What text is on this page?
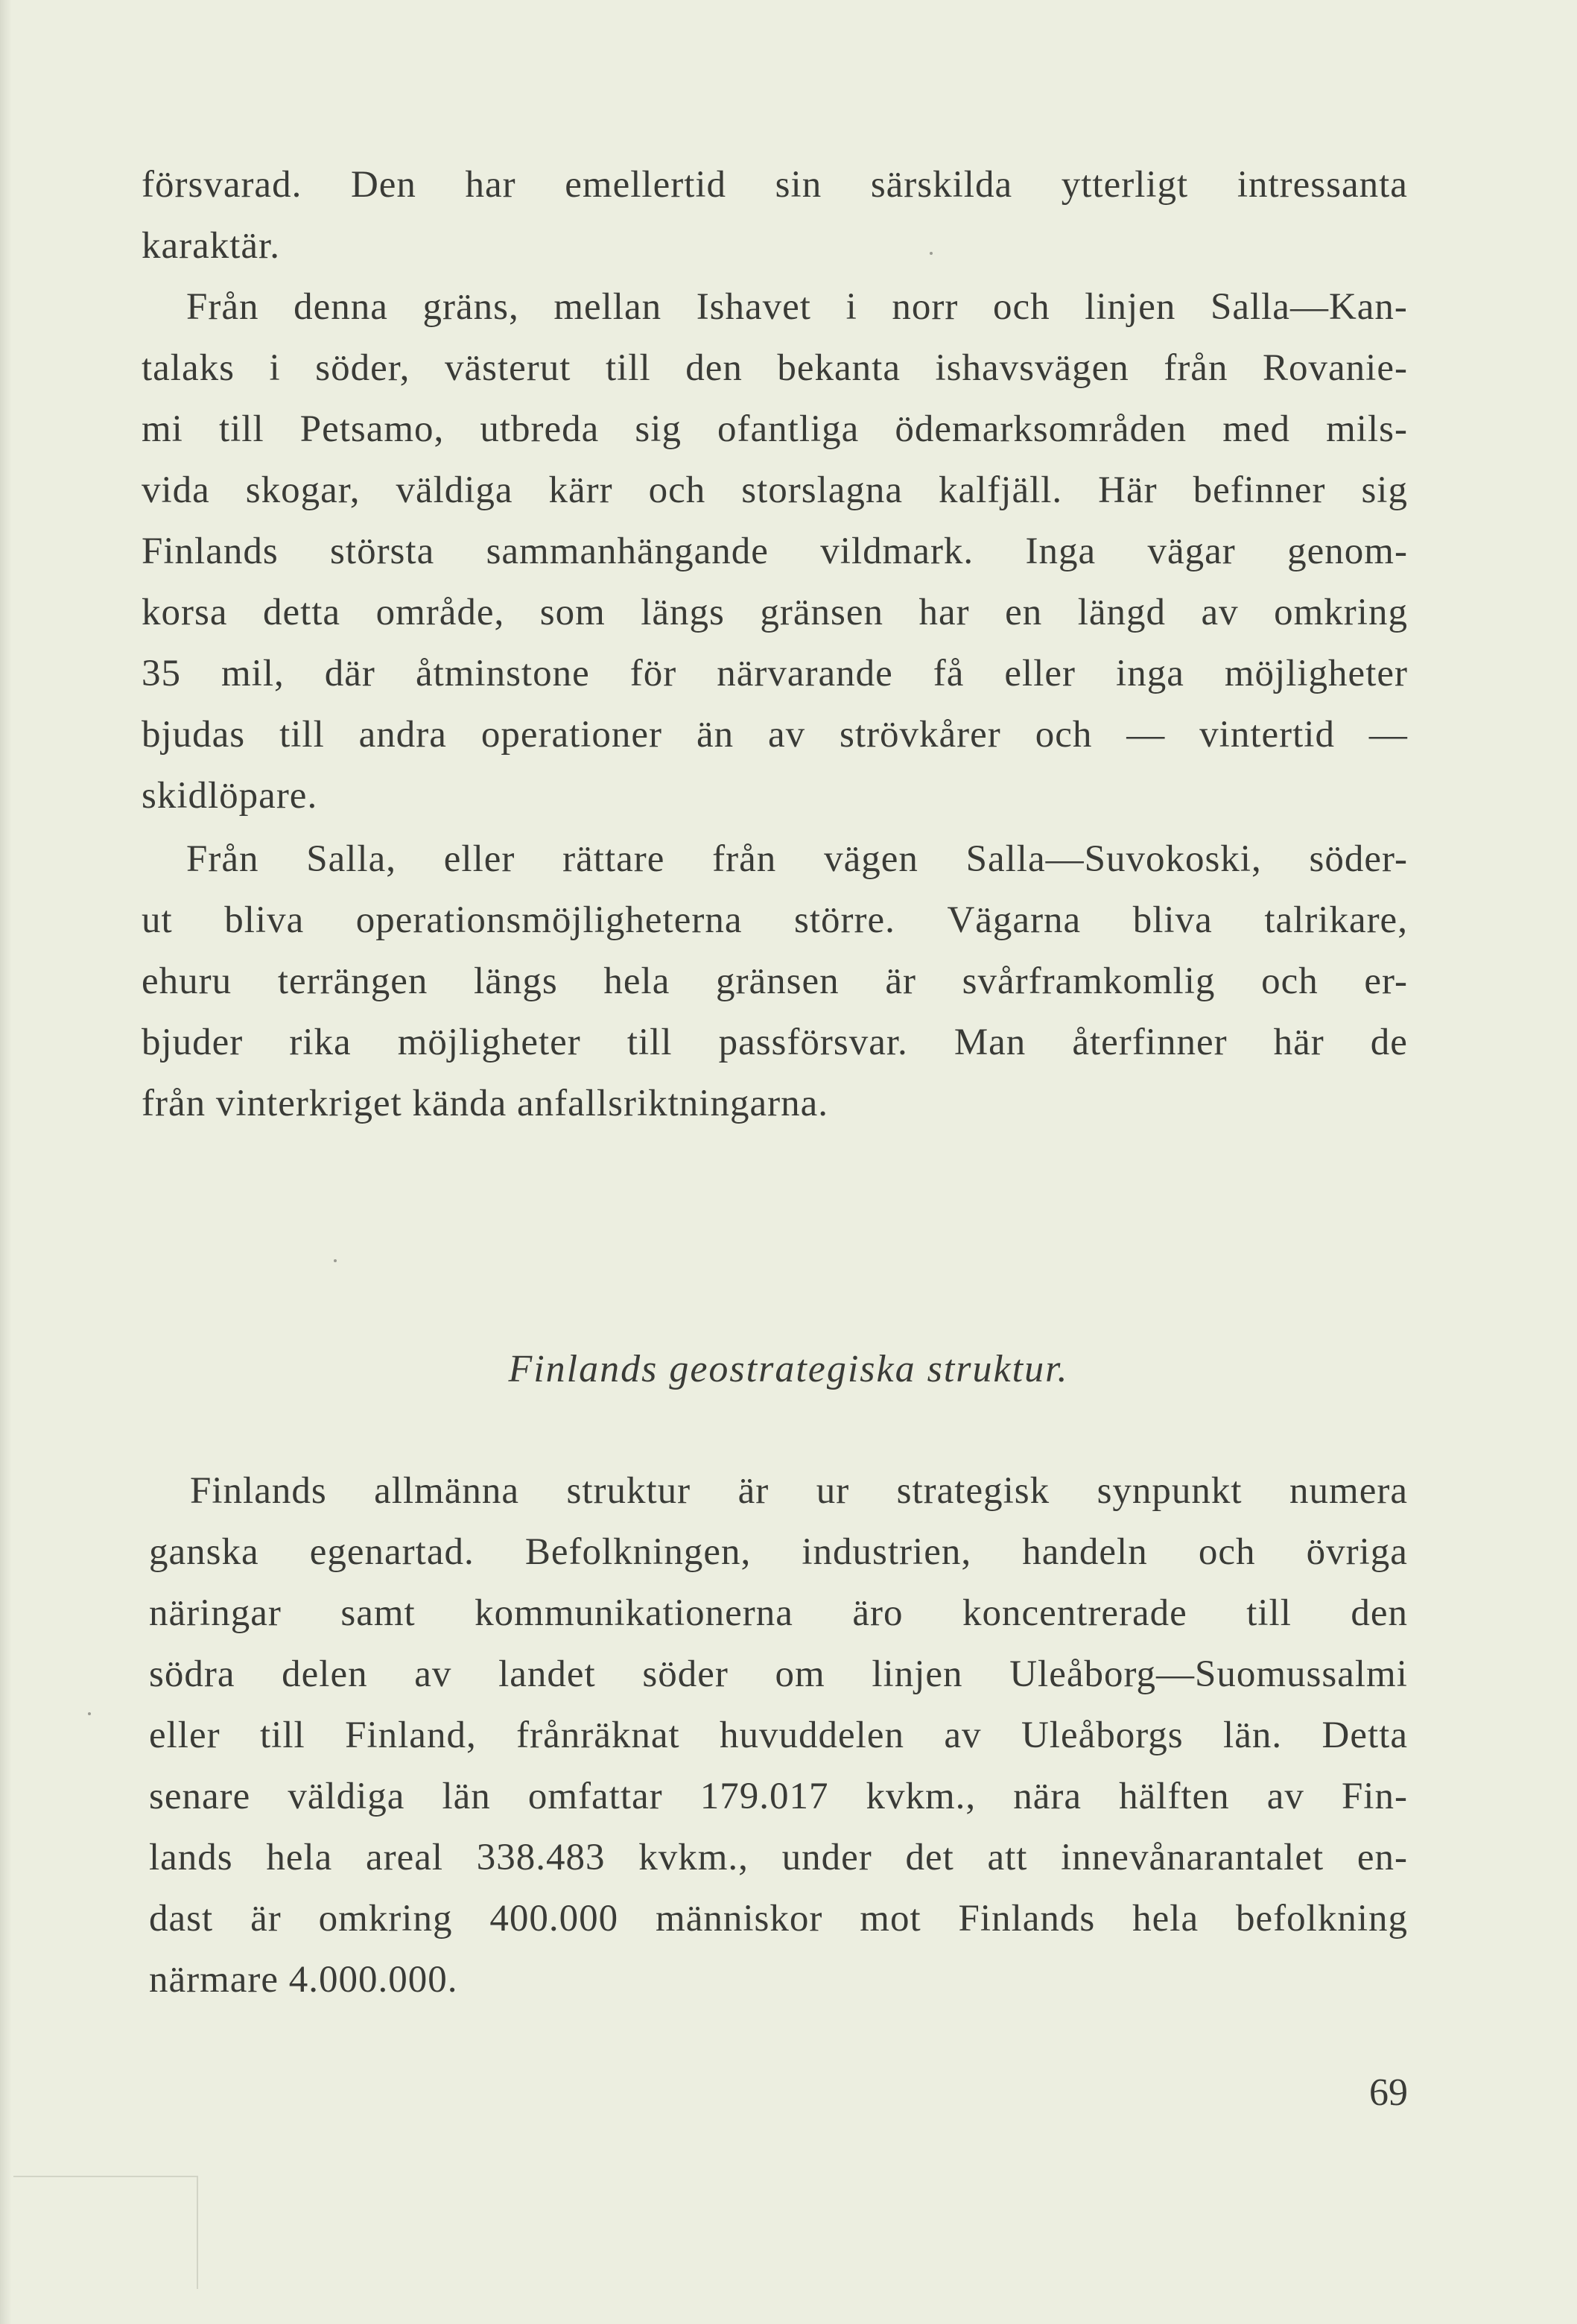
försvarad. Den har emellertid sin särskilda ytterligt intressanta
karaktär.
Från denna gräns, mellan Ishavet i norr och linjen Salla—Kan-
talaks i söder, västerut till den bekanta ishavsvägen från Rovanie-
mi till Petsamo, utbreda sig ofantliga ödemarksområden med mils-
vida skogar, väldiga kärr och storslagna kalfjäll. Här befinner sig
Finlands största sammanhängande vildmark. Inga vägar genom-
korsa detta område, som längs gränsen har en längd av omkring
35 mil, där åtminstone för närvarande få eller inga möjligheter
bjudas till andra operationer än av strövkårer och — vintertid —
skidlöpare.
Från Salla, eller rättare från vägen Salla—Suvokoski, söder-
ut bliva operationsmöjligheterna större. Vägarna bliva talrikare,
ehuru terrängen längs hela gränsen är svårframkomlig och er-
bjuder rika möjligheter till passförsvar. Man återfinner här de
från vinterkriget kända anfallsriktningarna.
Finlands geostrategiska struktur.
Finlands allmänna struktur är ur strategisk synpunkt numera
ganska egenartad. Befolkningen, industrien, handeln och övriga
näringar samt kommunikationerna äro koncentrerade till den
södra delen av landet söder om linjen Uleåborg—Suomussalmi
eller till Finland, frånräknat huvuddelen av Uleåborgs län. Detta
senare väldiga län omfattar 179.017 kvkm., nära hälften av Fin-
lands hela areal 338.483 kvkm., under det att innevånarantalet en-
dast är omkring 400.000 människor mot Finlands hela befolkning
närmare 4.000.000.
69
